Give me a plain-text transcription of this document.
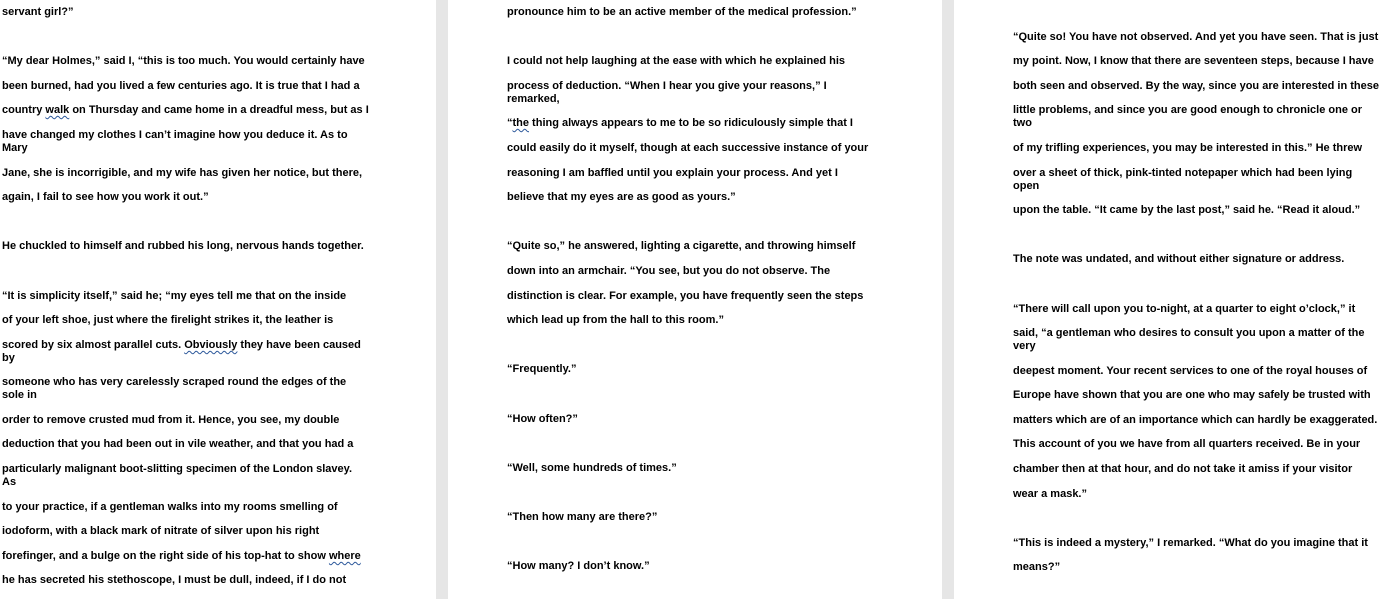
servant girl?”
“My dear Holmes,” said I, “this is too much. You would certainly have
been burned, had you lived a few centuries ago. It is true that I had a
country walk on Thursday and came home in a dreadful mess, but as I
have changed my clothes I can’t imagine how you deduce it. As to
Mary
Jane, she is incorrigible, and my wife has given her notice, but there,
again, I fail to see how you work it out.”
He chuckled to himself and rubbed his long, nervous hands together.
“It is simplicity itself,” said he; “my eyes tell me that on the inside
of your left shoe, just where the firelight strikes it, the leather is
scored by six almost parallel cuts. Obviously they have been caused
by
someone who has very carelessly scraped round the edges of the
sole in
order to remove crusted mud from it. Hence, you see, my double
deduction that you had been out in vile weather, and that you had a
particularly malignant boot-slitting specimen of the London slavey.
As
to your practice, if a gentleman walks into my rooms smelling of
iodoform, with a black mark of nitrate of silver upon his right
forefinger, and a bulge on the right side of his top-hat to show where
he has secreted his stethoscope, I must be dull, indeed, if I do not
pronounce him to be an active member of the medical profession.”
I could not help laughing at the ease with which he explained his
process of deduction. “When I hear you give your reasons,” I
remarked,
“the thing always appears to me to be so ridiculously simple that I
could easily do it myself, though at each successive instance of your
reasoning I am baffled until you explain your process. And yet I
believe that my eyes are as good as yours.”
“Quite so,” he answered, lighting a cigarette, and throwing himself
down into an armchair. “You see, but you do not observe. The
distinction is clear. For example, you have frequently seen the steps
which lead up from the hall to this room.”
“Frequently.”
“How often?”
“Well, some hundreds of times.”
“Then how many are there?”
“How many? I don’t know.”
“Quite so! You have not observed. And yet you have seen. That is just
my point. Now, I know that there are seventeen steps, because I have
both seen and observed. By the way, since you are interested in these
little problems, and since you are good enough to chronicle one or
two
of my trifling experiences, you may be interested in this.” He threw
over a sheet of thick, pink-tinted notepaper which had been lying
open
upon the table. “It came by the last post,” said he. “Read it aloud.”
The note was undated, and without either signature or address.
“There will call upon you to-night, at a quarter to eight o’clock,” it
said, “a gentleman who desires to consult you upon a matter of the
very
deepest moment. Your recent services to one of the royal houses of
Europe have shown that you are one who may safely be trusted with
matters which are of an importance which can hardly be exaggerated.
This account of you we have from all quarters received. Be in your
chamber then at that hour, and do not take it amiss if your visitor
wear a mask.”
“This is indeed a mystery,” I remarked. “What do you imagine that it
means?”
